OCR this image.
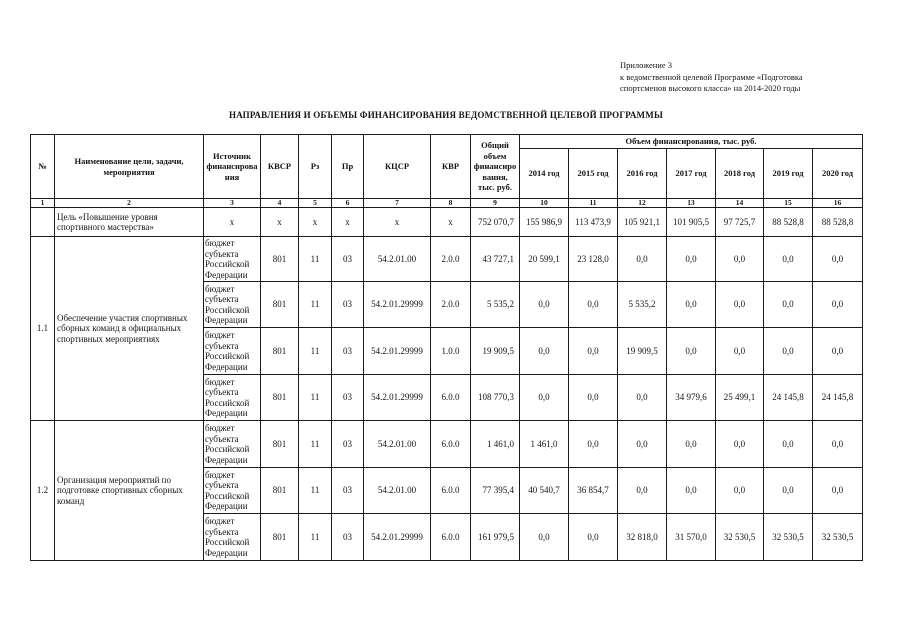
Приложение 3
к ведомственной целевой Программе «Подготовка
спортсменов высокого класса» на 2014-2020 годы
НАПРАВЛЕНИЯ И ОБЪЕМЫ ФИНАНСИРОВАНИЯ ВЕДОМСТВЕННОЙ ЦЕЛЕВОЙ ПРОГРАММЫ
№	Наименование цели, задачи, мероприятия	Источник
финансирова
ния	КВСР	Рз	Пр	КЦСР	КВР	Общий
объем
финансиро
вания,
тыс. руб.	Объем финансирования, тыс. руб.						
									2014 год	2015 год	2016 год	2017 год	2018 год	2019 год	2020 год
1	2	3	4	5	6	7	8	9	10	11	12	13	14	15	16
	Цель «Повышение уровня спортивного мастерства»	x	x	x	x	x	x	752 070,7	155 986,9	113 473,9	105 921,1	101 905,5	97 725,7	88 528,8	88 528,8
1.1	Обеспечение участия спортивных сборных команд в официальных спортивных мероприятиях	бюджет субъекта Российской Федерации	801	11	03	54.2.01.00	2.0.0	43 727,1	20 599,1	23 128,0	0,0	0,0	0,0	0,0	0,0
		бюджет субъекта Российской Федерации	801	11	03	54.2.01.29999	2.0.0	5 535,2	0,0	0,0	5 535,2	0,0	0,0	0,0	0,0
		бюджет субъекта Российской Федерации	801	11	03	54.2.01.29999	1.0.0	19 909,5	0,0	0,0	19 909,5	0,0	0,0	0,0	0,0
		бюджет субъекта Российской Федерации	801	11	03	54.2.01.29999	6.0.0	108 770,3	0,0	0,0	0,0	34 979,6	25 499,1	24 145,8	24 145,8
1.2	Организация мероприятий по подготовке спортивных сборных команд	бюджет субъекта Российской Федерации	801	11	03	54.2.01.00	6.0.0	1 461,0	1 461,0	0,0	0,0	0,0	0,0	0,0	0,0
		бюджет субъекта Российской Федерации	801	11	03	54.2.01.00	6.0.0	77 395,4	40 540,7	36 854,7	0,0	0,0	0,0	0,0	0,0
		бюджет субъекта Российской Федерации	801	11	03	54.2.01.29999	6.0.0	161 979,5	0,0	0,0	32 818,0	31 570,0	32 530,5	32 530,5	32 530,5
